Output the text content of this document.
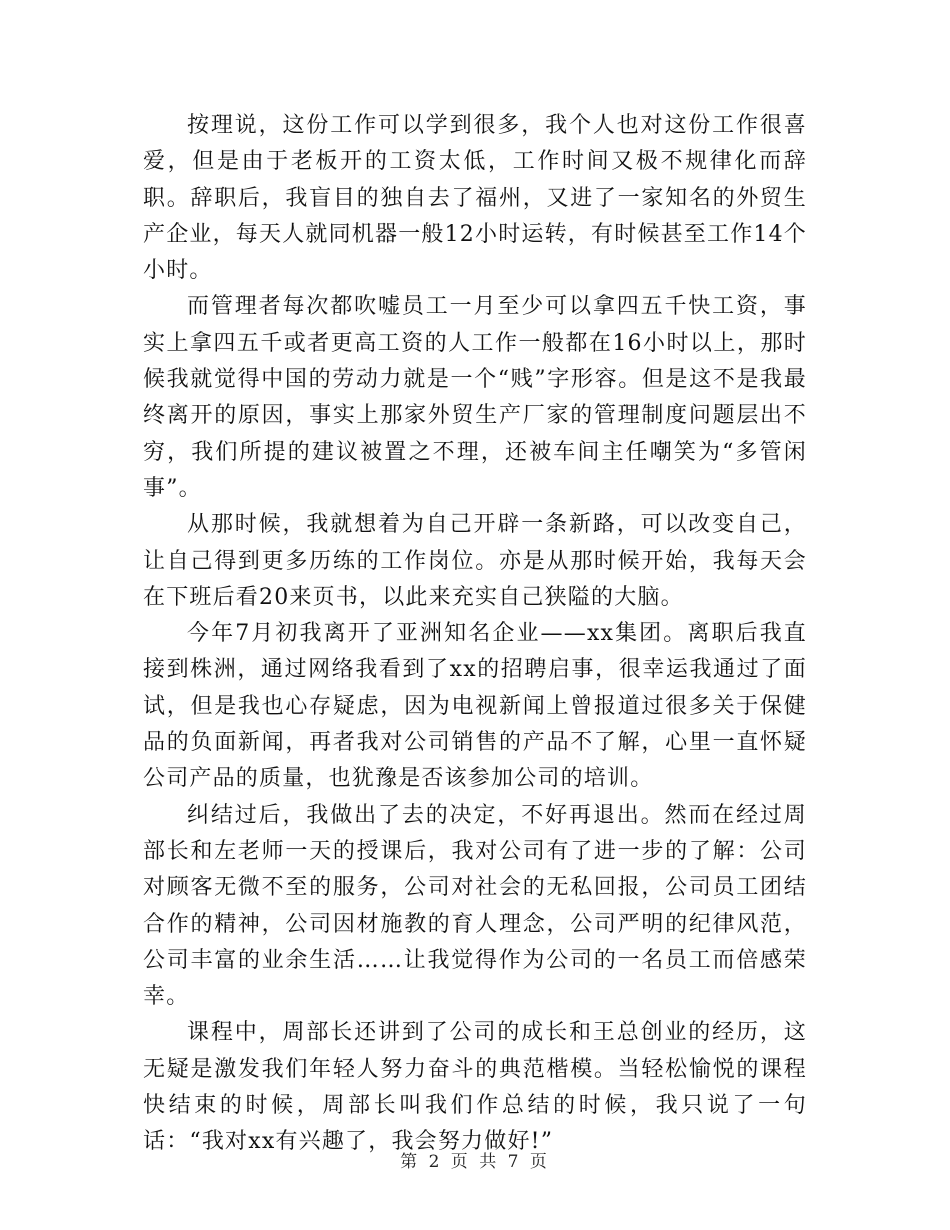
按理说，这份工作可以学到很多，我个人也对这份工作很喜爱，但是由于老板开的工资太低，工作时间又极不规律化而辞职。辞职后，我盲目的独自去了福州，又进了一家知名的外贸生产企业，每天人就同机器一般12小时运转，有时候甚至工作14个小时。

而管理者每次都吹嘘员工一月至少可以拿四五千快工资，事实上拿四五千或者更高工资的人工作一般都在16小时以上，那时候我就觉得中国的劳动力就是一个“贱”字形容。但是这不是我最终离开的原因，事实上那家外贸生产厂家的管理制度问题层出不穷，我们所提的建议被置之不理，还被车间主任嘲笑为“多管闲事”。

从那时候，我就想着为自己开辟一条新路，可以改变自己，让自己得到更多历练的工作岗位。亦是从那时候开始，我每天会在下班后看20来页书，以此来充实自己狭隘的大脑。

今年7月初我离开了亚洲知名企业——xx集团。离职后我直接到株洲，通过网络我看到了xx的招聘启事，很幸运我通过了面试，但是我也心存疑虑，因为电视新闻上曾报道过很多关于保健品的负面新闻，再者我对公司销售的产品不了解，心里一直怀疑公司产品的质量，也犹豫是否该参加公司的培训。

纠结过后，我做出了去的决定，不好再退出。然而在经过周部长和左老师一天的授课后，我对公司有了进一步的了解：公司对顾客无微不至的服务，公司对社会的无私回报，公司员工团结合作的精神，公司因材施教的育人理念，公司严明的纪律风范，公司丰富的业余生活……让我觉得作为公司的一名员工而倍感荣幸。

课程中，周部长还讲到了公司的成长和王总创业的经历，这无疑是激发我们年轻人努力奋斗的典范楷模。当轻松愉悦的课程快结束的时候，周部长叫我们作总结的时候，我只说了一句话：“我对xx有兴趣了，我会努力做好!”

第 2 页 共 7 页
